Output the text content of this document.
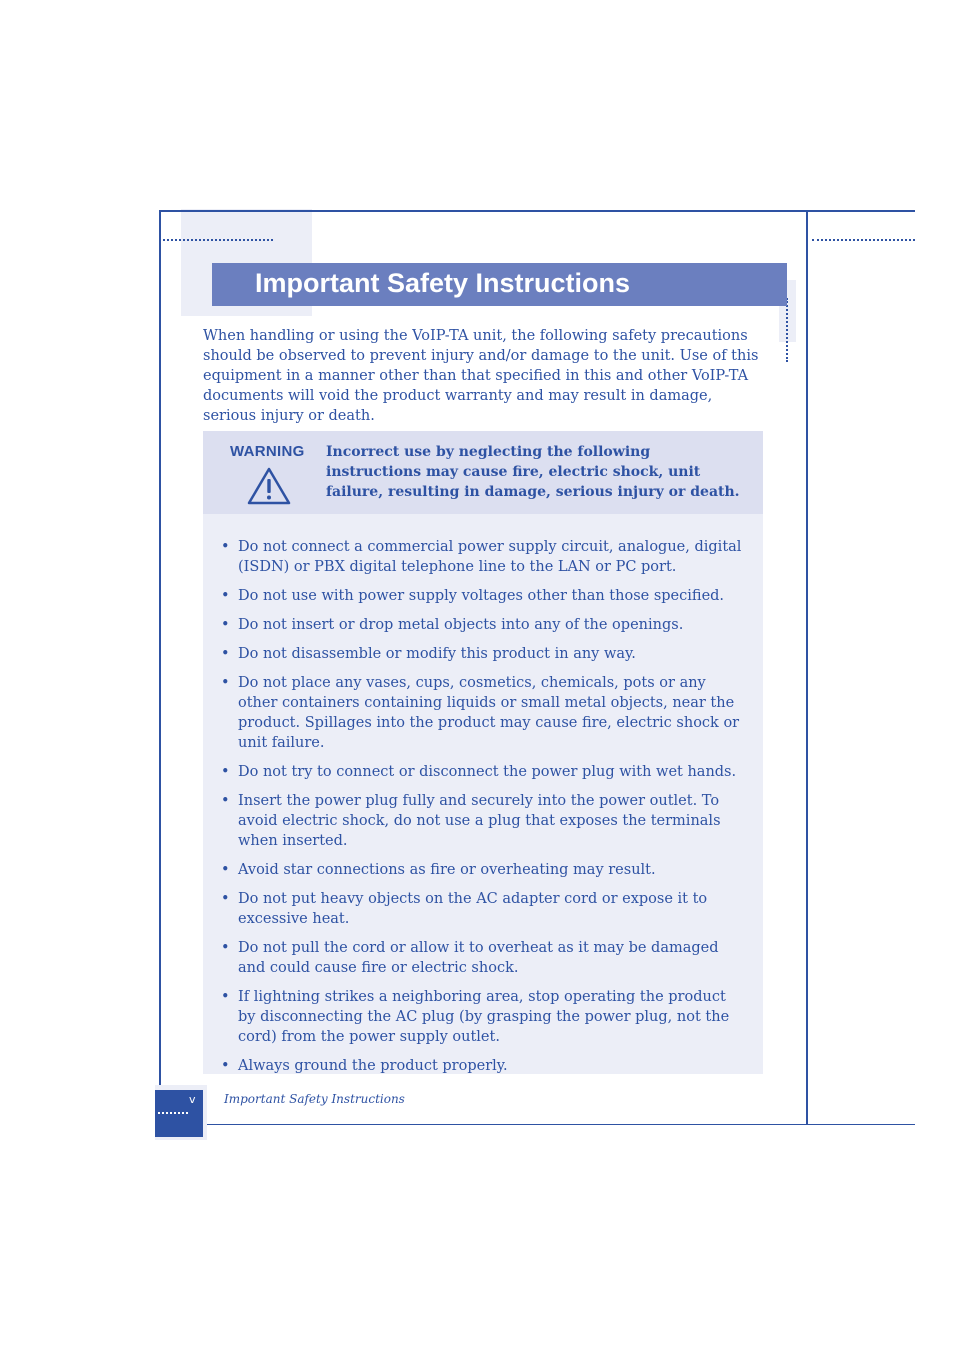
Important Safety Instructions

When handling or using the VoIP-TA unit, the following safety precautions should be observed to prevent injury and/or damage to the unit. Use of this equipment in a manner other than that specified in this and other VoIP-TA documents will void the product warranty and may result in damage, serious injury or death.

WARNING Incorrect use by neglecting the following instructions may cause fire, electric shock, unit failure, resulting in damage, serious injury or death.

• Do not connect a commercial power supply circuit, analogue, digital (ISDN) or PBX digital telephone line to the LAN or PC port.
• Do not use with power supply voltages other than those specified.
• Do not insert or drop metal objects into any of the openings.
• Do not disassemble or modify this product in any way.
• Do not place any vases, cups, cosmetics, chemicals, pots or any other containers containing liquids or small metal objects, near the product. Spillages into the product may cause fire, electric shock or unit failure.
• Do not try to connect or disconnect the power plug with wet hands.
• Insert the power plug fully and securely into the power outlet. To avoid electric shock, do not use a plug that exposes the terminals when inserted.
• Avoid star connections as fire or overheating may result.
• Do not put heavy objects on the AC adapter cord or expose it to excessive heat.
• Do not pull the cord or allow it to overheat as it may be damaged and could cause fire or electric shock.
• If lightning strikes a neighboring area, stop operating the product by disconnecting the AC plug (by grasping the power plug, not the cord) from the power supply outlet.
• Always ground the product properly.
v Important Safety Instructions
